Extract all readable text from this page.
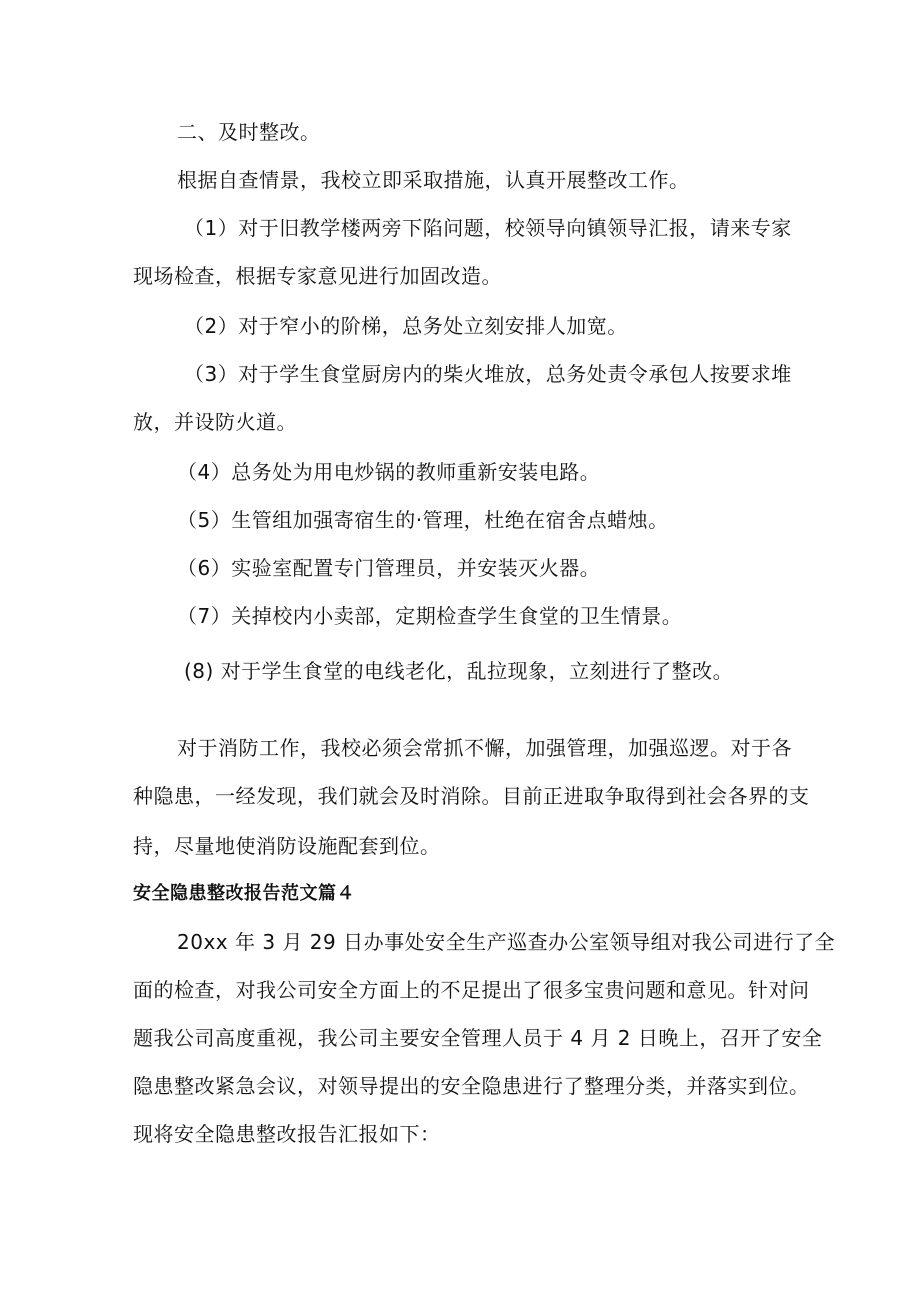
二、及时整改。
根据自查情景，我校立即采取措施，认真开展整改工作。
（1）对于旧教学楼两旁下陷问题，校领导向镇领导汇报，请来专家
现场检查，根据专家意见进行加固改造。
（2）对于窄小的阶梯，总务处立刻安排人加宽。
（3）对于学生食堂厨房内的柴火堆放，总务处责令承包人按要求堆
放，并设防火道。
（4）总务处为用电炒锅的教师重新安装电路。
（5）生管组加强寄宿生的·管理，杜绝在宿舍点蜡烛。
（6）实验室配置专门管理员，并安装灭火器。
（7）关掉校内小卖部，定期检查学生食堂的卫生情景。
(8) 对于学生食堂的电线老化，乱拉现象，立刻进行了整改。
对于消防工作，我校必须会常抓不懈，加强管理，加强巡逻。对于各
种隐患，一经发现，我们就会及时消除。目前正进取争取得到社会各界的支
持，尽量地使消防设施配套到位。
安全隐患整改报告范文篇４
20xx 年 3 月 29 日办事处安全生产巡查办公室领导组对我公司进行了全
面的检查，对我公司安全方面上的不足提出了很多宝贵问题和意见。针对问
题我公司高度重视，我公司主要安全管理人员于 4 月 2 日晚上，召开了安全
隐患整改紧急会议，对领导提出的安全隐患进行了整理分类，并落实到位。
现将安全隐患整改报告汇报如下：
